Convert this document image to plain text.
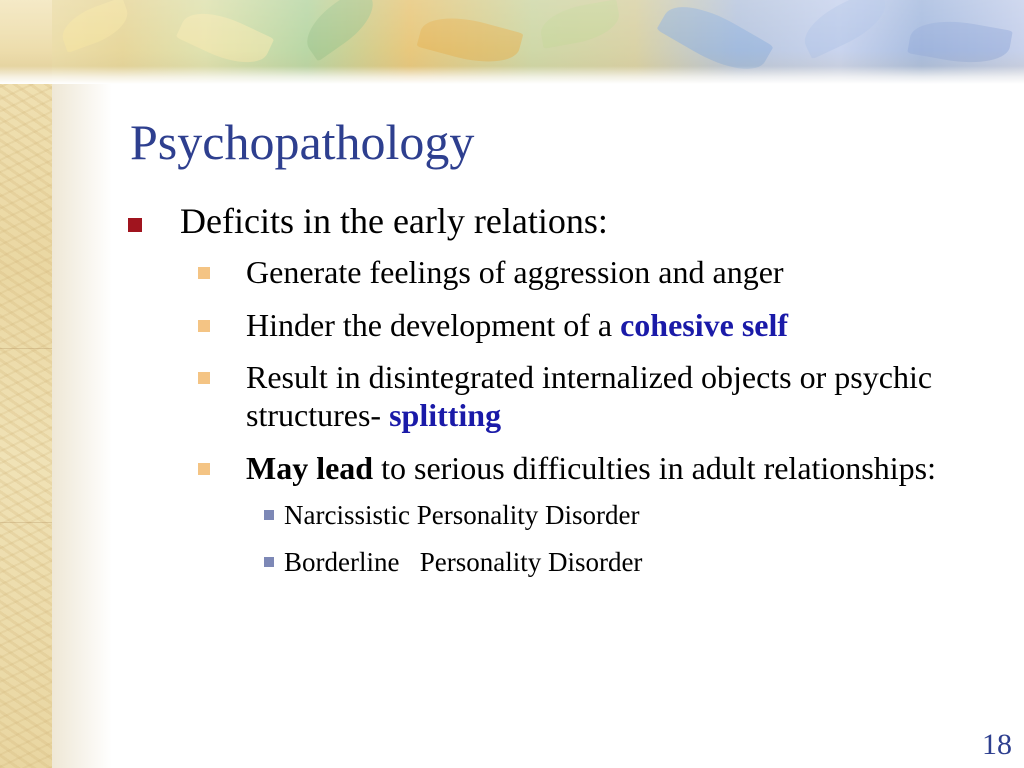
Psychopathology
Deficits in the early relations:
Generate feelings of aggression and anger
Hinder the development of a cohesive self
Result in disintegrated internalized objects or psychic structures- splitting
May lead to serious difficulties in adult relationships:
Narcissistic Personality Disorder
Borderline   Personality Disorder
18
